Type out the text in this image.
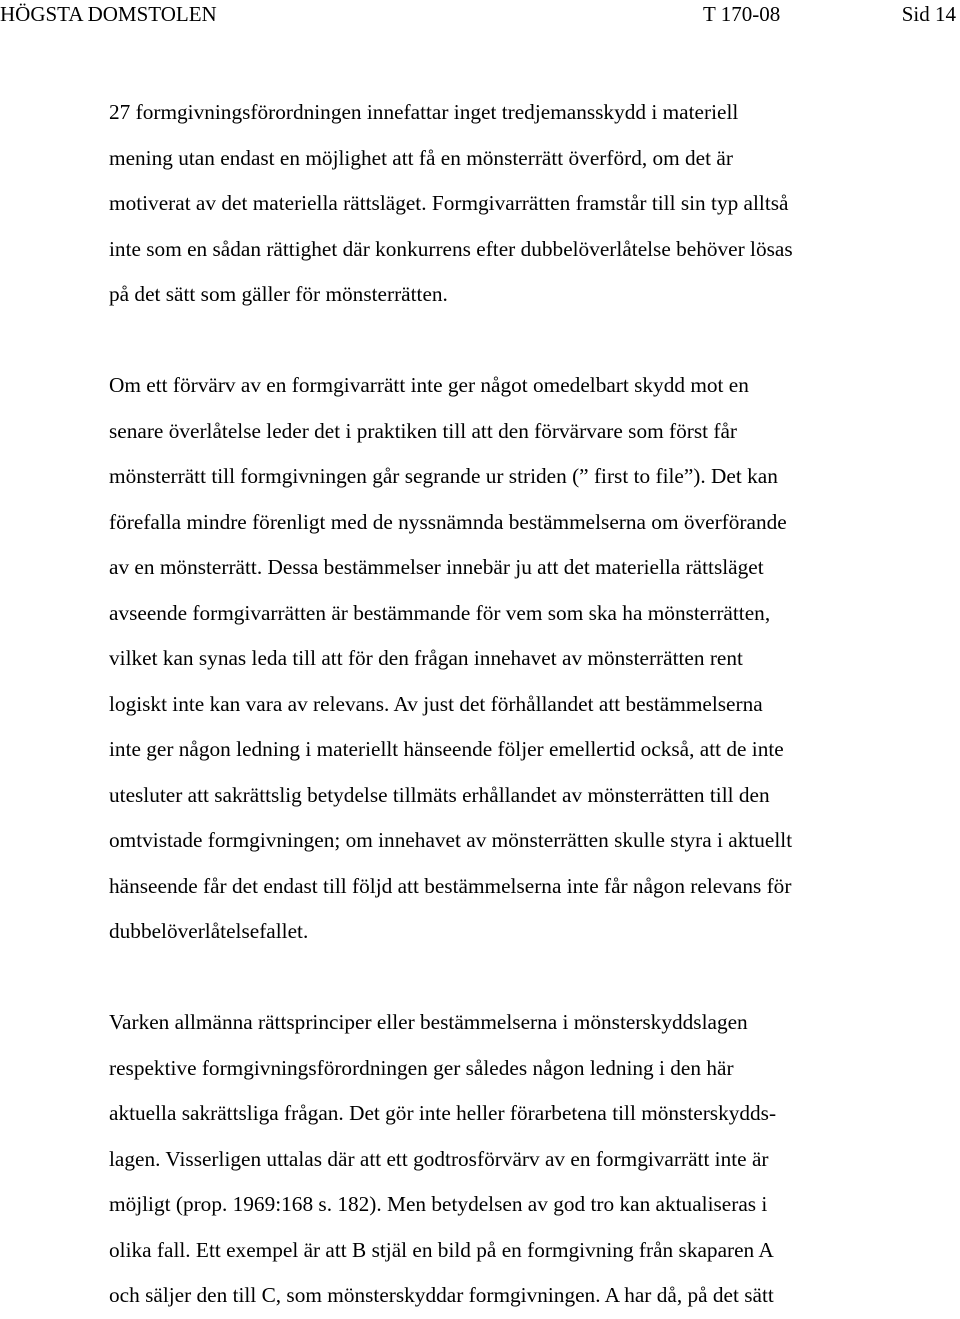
HÖGSTA DOMSTOLEN	T 170-08	Sid 14

27 formgivningsförordningen innefattar inget tredjemansskydd i materiell
mening utan endast en möjlighet att få en mönsterrätt överförd, om det är
motiverat av det materiella rättsläget. Formgivarrätten framstår till sin typ alltså
inte som en sådan rättighet där konkurrens efter dubbelöverlåtelse behöver lösas
på det sätt som gäller för mönsterrätten.

Om ett förvärv av en formgivarrätt inte ger något omedelbart skydd mot en
senare överlåtelse leder det i praktiken till att den förvärvare som först får
mönsterrätt till formgivningen går segrande ur striden (” first to file”). Det kan
förefalla mindre förenligt med de nyssnämnda bestämmelserna om överförande
av en mönsterrätt. Dessa bestämmelser innebär ju att det materiella rättsläget
avseende formgivarrätten är bestämmande för vem som ska ha mönsterrätten,
vilket kan synas leda till att för den frågan innehavet av mönsterrätten rent
logiskt inte kan vara av relevans. Av just det förhållandet att bestämmelserna
inte ger någon ledning i materiellt hänseende följer emellertid också, att de inte
utesluter att sakrättslig betydelse tillmäts erhållandet av mönsterrätten till den
omtvistade formgivningen; om innehavet av mönsterrätten skulle styra i aktuellt
hänseende får det endast till följd att bestämmelserna inte får någon relevans för
dubbelöverlåtelsefallet.

Varken allmänna rättsprinciper eller bestämmelserna i mönsterskyddslagen
respektive formgivningsförordningen ger således någon ledning i den här
aktuella sakrättsliga frågan. Det gör inte heller förarbetena till mönsterskydds-
lagen. Visserligen uttalas där att ett godtrosförvärv av en formgivarrätt inte är
möjligt (prop. 1969:168 s. 182). Men betydelsen av god tro kan aktualiseras i
olika fall. Ett exempel är att B stjäl en bild på en formgivning från skaparen A
och säljer den till C, som mönsterskyddar formgivningen. A har då, på det sätt
